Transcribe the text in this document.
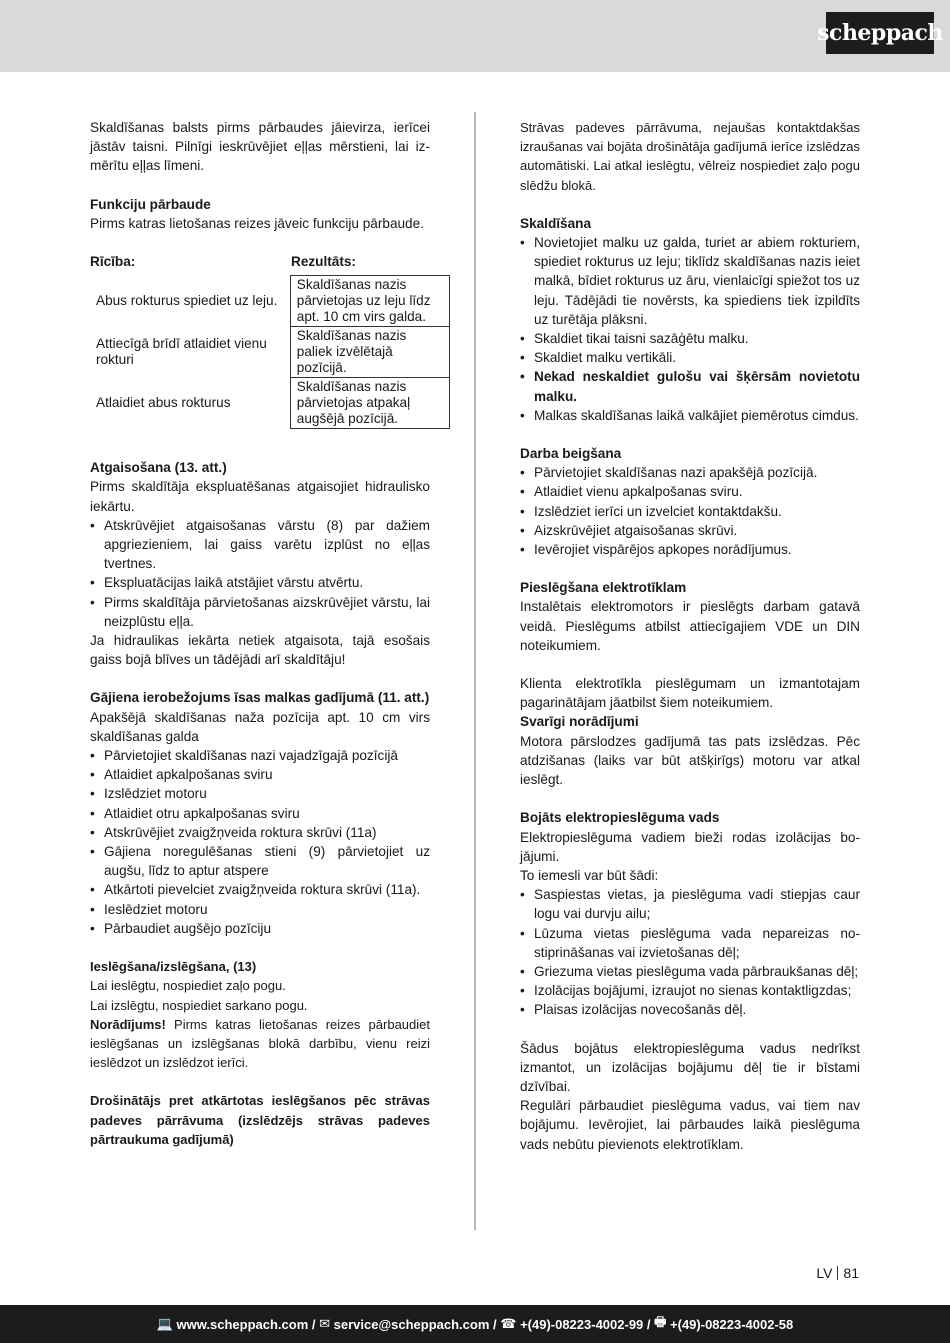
scheppach

Skaldīšanas balsts pirms pārbaudes jāievirza, ierīcei jāstāv taisni. Pilnīgi ieskrūvējiet eļļas mērstieni, lai izmērītu eļļas līmeni.

Funkciju pārbaude

Pirms katras lietošanas reizes jāveic funkciju pārbaude.

Rīcība:	Rezultāts:
Abus rokturus spiediet uz leju.	Skaldīšanas nazis pārvietojas uz leju līdz apt. 10 cm virs galda.
Attiecīgā brīdī atlaidiet vienu rokturi	Skaldīšanas nazis paliek izvēlētajā pozīcijā.
Atlaidiet abus rokturus	Skaldīšanas nazis pārvietojas atpakaļ augšējā pozīcijā.

Atgaisošana (13. att.)

Pirms skaldītāja ekspluatēšanas atgaisojiet hidraulisko iekārtu.

• Atskrūvējiet atgaisošanas vārstu (8) par dažiem apgriezieniem, lai gaiss varētu izplūst no eļļas tvertnes.
• Ekspluatācijas laikā atstājiet vārstu atvērtu.
• Pirms skaldītāja pārvietošanas aizskrūvējiet vārstu, lai neizplūstu eļļa.

Ja hidraulikas iekārta netiek atgaisota, tajā esošais gaiss bojā blīves un tādējādi arī skaldītāju!

Gājiena ierobežojums īsas malkas gadījumā (11. att.)

Apakšējā skaldīšanas naža pozīcija apt. 10 cm virs skaldīšanas galda

• Pārvietojiet skaldīšanas nazi vajadzīgajā pozīcijā
• Atlaidiet apkalpošanas sviru
• Izslēdziet motoru
• Atlaidiet otru apkalpošanas sviru
• Atskrūvējiet zvaigžņveida roktura skrūvi (11a)
• Gājiena noregulēšanas stieni (9) pārvietojiet uz augšu, līdz to aptur atspere
• Atkārtoti pievelciet zvaigžņveida roktura skrūvi (11a).
• Ieslēdziet motoru
• Pārbaudiet augšējo pozīciju

Ieslēgšana/izslēgšana, (13)

Lai ieslēgtu, nospiediet zaļo pogu.

Lai izslēgtu, nospiediet sarkano pogu.

Norādījums! Pirms katras lietošanas reizes pārbaudiet ieslēgšanas un izslēgšanas blokā darbību, vienu reizi ieslēdzot un izslēdzot ierīci.

Drošinātājs pret atkārtotas ieslēgšanos pēc strāvas padeves pārrāvuma (izslēdzējs strāvas padeves pārtraukuma gadījumā)

Strāvas padeves pārrāvuma, nejaušas kontaktdakšas izraušanas vai bojāta drošinātāja gadījumā ierīce izslēdzas automātiski. Lai atkal ieslēgtu, vēlreiz nospiediet zaļo pogu slēdžu blokā.

Skaldīšana

• Novietojiet malku uz galda, turiet ar abiem rokturiem, spiediet rokturus uz leju; tiklīdz skaldīšanas nazis ieiet malkā, bīdiet rokturus uz āru, vienlaicīgi spiežot tos uz leju. Tādējādi tie novērsts, ka spiediens tiek izpildīts uz turētāja plāksni.
• Skaldiet tikai taisni sazāģētu malku.
• Skaldiet malku vertikāli.
• Nekad neskaldiet gulošu vai šķērsām novietotu malku.
• Malkas skaldīšanas laikā valkājiet piemērotus cimdus.

Darba beigšana

• Pārvietojiet skaldīšanas nazi apakšējā pozīcijā.
• Atlaidiet vienu apkalpošanas sviru.
• Izslēdziet ierīci un izvelciet kontaktdakšu.
• Aizskrūvējiet atgaisošanas skrūvi.
• Ievērojiet vispārējos apkopes norādījumus.

Pieslēgšana elektrotīklam

Instalētais elektromotors ir pieslēgts darbam gatavā veidā. Pieslēgums atbilst attiecīgajiem VDE un DIN noteikumiem.

Klienta elektrotīkla pieslēgumam un izmantotajam pagarinātājam jāatbilst šiem noteikumiem.

Svarīgi norādījumi

Motora pārslodzes gadījumā tas pats izslēdzas. Pēc atdzišanas (laiks var būt atšķirīgs) motoru var atkal ieslēgt.

Bojāts elektropieslēguma vads

Elektropieslēguma vadiem bieži rodas izolācijas bojājumi.

To iemesli var būt šādi:

• Saspiestas vietas, ja pieslēguma vadi stiepjas caur logu vai durvju ailu;
• Lūzuma vietas pieslēguma vada nepareizas nostiprināšanas vai izvietošanas dēļ;
• Griezuma vietas pieslēguma vada pārbraukšanas dēļ;
• Izolācijas bojājumi, izraujot no sienas kontaktligzdas;
• Plaisas izolācijas novecošanās dēļ.

Šādus bojātus elektropieslēguma vadus nedrīkst izmantot, un izolācijas bojājumu dēļ tie ir bīstami dzīvībai.

Regulāri pārbaudiet pieslēguma vadus, vai tiem nav bojājumu. Ievērojiet, lai pārbaudes laikā pieslēguma vads nebūtu pievienots elektrotīklam.

LV 81
💻 www.scheppach.com / ✉ service@scheppach.com / ☎ +(49)-08223-4002-99 / 🖶 +(49)-08223-4002-58
